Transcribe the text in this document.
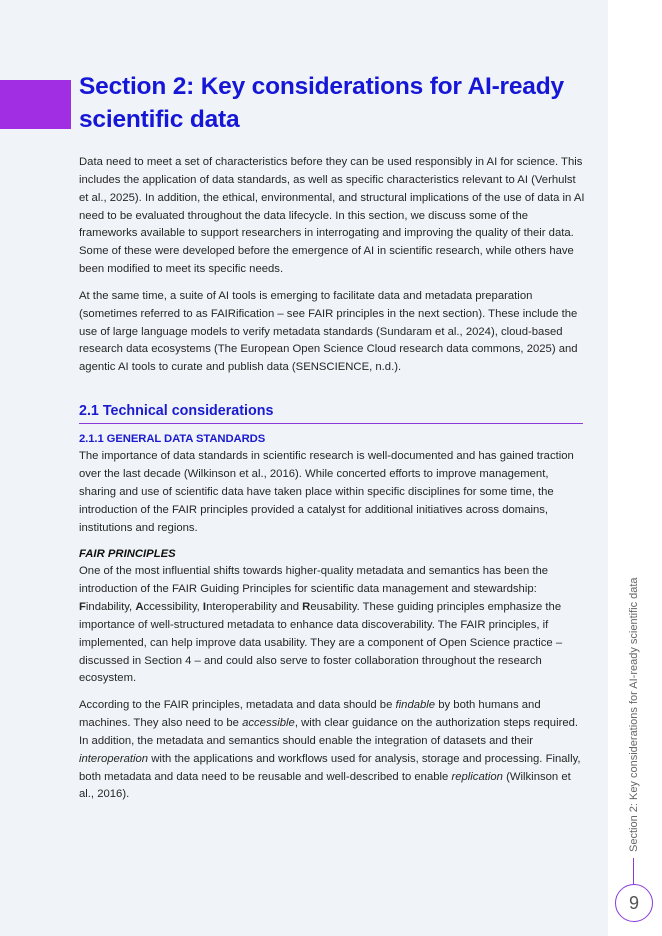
Section 2: Key considerations for AI-ready scientific data

Data need to meet a set of characteristics before they can be used responsibly in AI for science. This includes the application of data standards, as well as specific characteristics relevant to AI (Verhulst et al., 2025). In addition, the ethical, environmental, and structural implications of the use of data in AI need to be evaluated throughout the data lifecycle. In this section, we discuss some of the frameworks available to support researchers in interrogating and improving the quality of their data. Some of these were developed before the emergence of AI in scientific research, while others have been modified to meet its specific needs.

At the same time, a suite of AI tools is emerging to facilitate data and metadata preparation (sometimes referred to as FAIRification – see FAIR principles in the next section). These include the use of large language models to verify metadata standards (Sundaram et al., 2024), cloud-based research data ecosystems (The European Open Science Cloud research data commons, 2025) and agentic AI tools to curate and publish data (SENSCIENCE, n.d.).

2.1 Technical considerations
2.1.1 GENERAL DATA STANDARDS

The importance of data standards in scientific research is well-documented and has gained traction over the last decade (Wilkinson et al., 2016). While concerted efforts to improve management, sharing and use of scientific data have taken place within specific disciplines for some time, the introduction of the FAIR principles provided a catalyst for additional initiatives across domains, institutions and regions.

FAIR PRINCIPLES

One of the most influential shifts towards higher-quality metadata and semantics has been the introduction of the FAIR Guiding Principles for scientific data management and stewardship: Findability, Accessibility, Interoperability and Reusability. These guiding principles emphasize the importance of well-structured metadata to enhance data discoverability. The FAIR principles, if implemented, can help improve data usability. They are a component of Open Science practice – discussed in Section 4 – and could also serve to foster collaboration throughout the research ecosystem.

According to the FAIR principles, metadata and data should be findable by both humans and machines. They also need to be accessible, with clear guidance on the authorization steps required. In addition, the metadata and semantics should enable the integration of datasets and their interoperation with the applications and workflows used for analysis, storage and processing. Finally, both metadata and data need to be reusable and well-described to enable replication (Wilkinson et al., 2016).	Section 2: Key considerations for AI-ready scientific data
9
